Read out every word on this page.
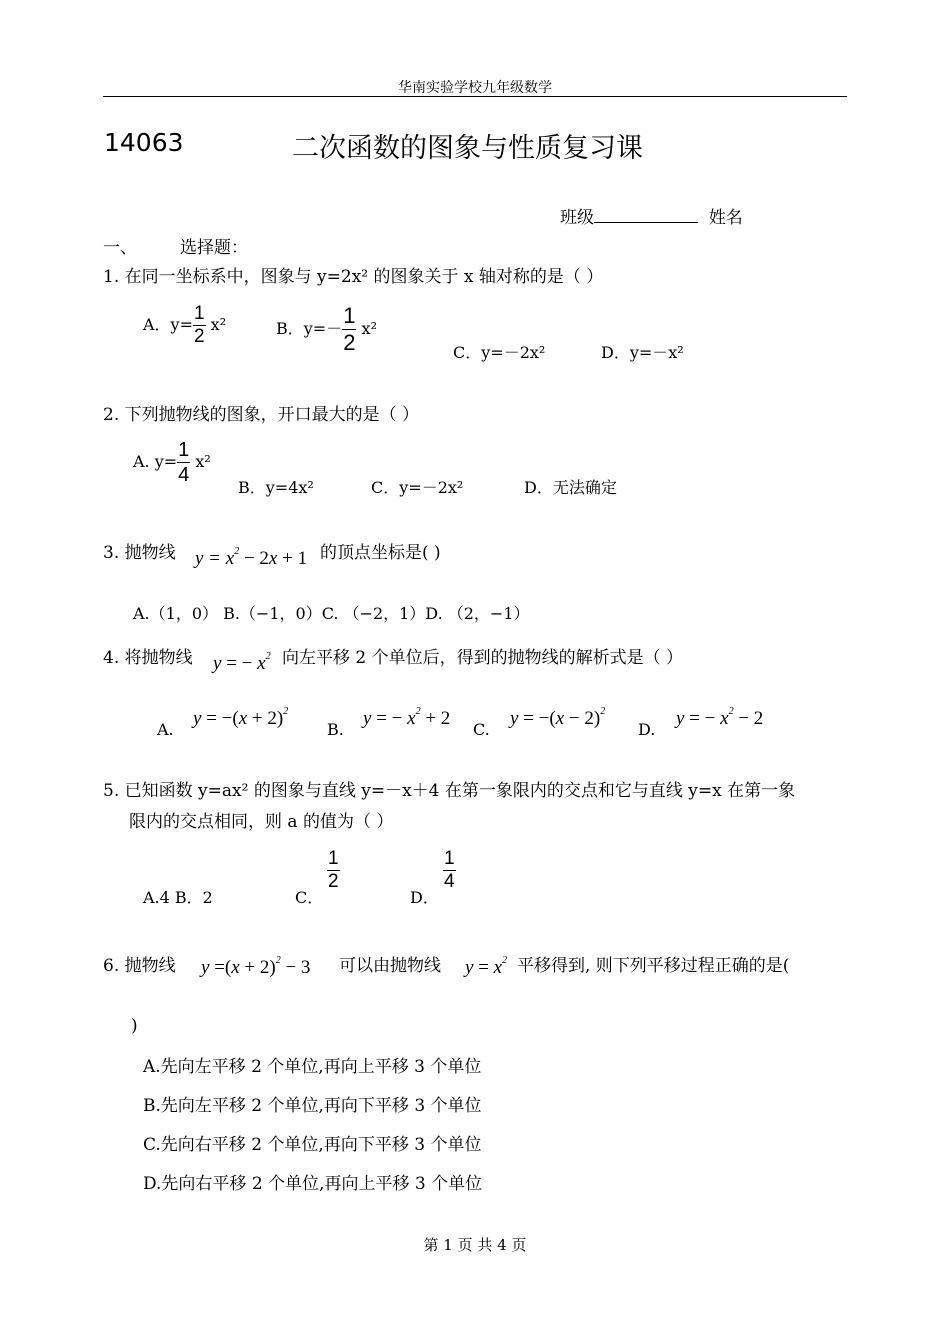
华南实验学校九年级数学
14063	二次函数的图象与性质复习课
班级	姓名
一、	选择题：
1. 在同一坐标系中，图象与 y=2x² 的图象关于 x 轴对称的是（ ）
A．$y= \frac{1}{2} x^2$	B．$y=- \frac{1}{2} x^2$
C．y=－2x²	D．y=－x²
2. 下列抛物线的图象，开口最大的是（ ）
A. $y= \frac{1}{4} x^2$
B．y=4x²	C．y=－2x²	D．无法确定
3. 抛物线 $y = x^2 - 2x + 1$ 的顶点坐标是( )
A.（1，0） B.（−1，0）C. （−2，1）D. （2，−1）
4. 将抛物线 y = − $x^2$ 向左平移 2 个单位后，得到的抛物线的解析式是（ ）
A.
$y = -(x + 2)^2$
B.
y = − $x^2 + 2$
C.
$y = -(x - 2)^2$
D.
y = − $x^2 - 2$
5. 已知函数 y=ax² 的图象与直线 y=－x＋4 在第一象限内的交点和它与直线 y=x 在第一象
限内的交点相同，则 a 的值为（ ）
A.4 B．2	C．
$\frac{1}{2}$
D．
$\frac{1}{4}$
6. 抛物线 $y =(x + 2)^2 - 3$ 可以由抛物线 $y = x^2$ 平移得到, 则下列平移过程正确的是(
)
A.先向左平移 2 个单位,再向上平移 3 个单位
B.先向左平移 2 个单位,再向下平移 3 个单位
C.先向右平移 2 个单位,再向下平移 3 个单位
D.先向右平移 2 个单位,再向上平移 3 个单位
第 1 页 共 4 页
